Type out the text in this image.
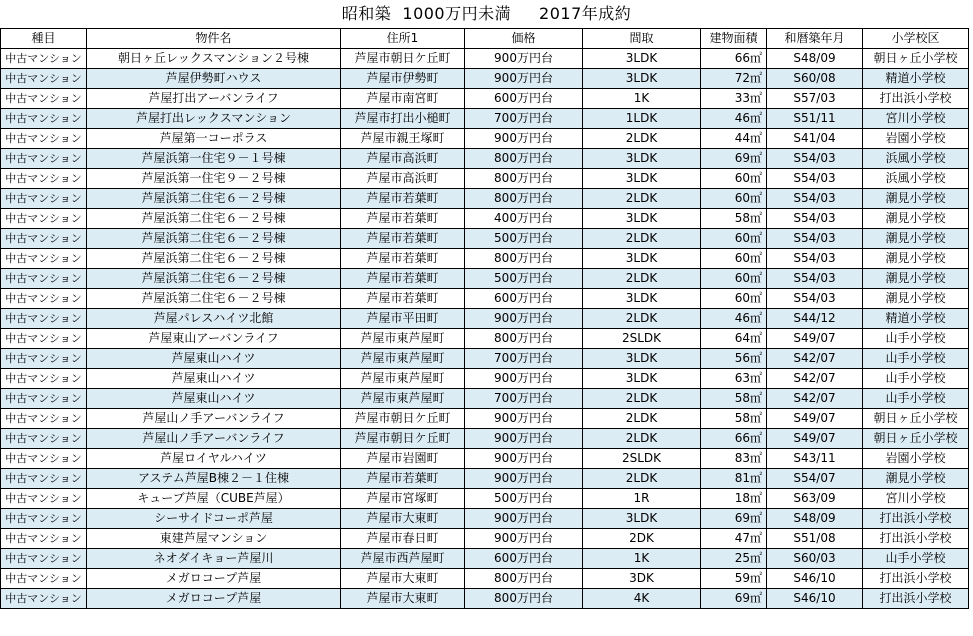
昭和築  1000万円未満     2017年成約
種目	物件名	住所1	価格	間取	建物面積	和暦築年月	小学校区
中古マンション	朝日ヶ丘レックスマンション２号棟	芦屋市朝日ケ丘町	900万円台	3LDK	66㎡	S48/09	朝日ヶ丘小学校
中古マンション	芦屋伊勢町ハウス	芦屋市伊勢町	900万円台	3LDK	72㎡	S60/08	精道小学校
中古マンション	芦屋打出アーバンライフ	芦屋市南宮町	600万円台	1K	33㎡	S57/03	打出浜小学校
中古マンション	芦屋打出レックスマンション	芦屋市打出小槌町	700万円台	1LDK	46㎡	S51/11	宮川小学校
中古マンション	芦屋第一コーポラス	芦屋市親王塚町	900万円台	2LDK	44㎡	S41/04	岩園小学校
中古マンション	芦屋浜第一住宅９－１号棟	芦屋市高浜町	800万円台	3LDK	69㎡	S54/03	浜風小学校
中古マンション	芦屋浜第一住宅９－２号棟	芦屋市高浜町	800万円台	3LDK	60㎡	S54/03	浜風小学校
中古マンション	芦屋浜第二住宅６－２号棟	芦屋市若葉町	800万円台	2LDK	60㎡	S54/03	潮見小学校
中古マンション	芦屋浜第二住宅６－２号棟	芦屋市若葉町	400万円台	3LDK	58㎡	S54/03	潮見小学校
中古マンション	芦屋浜第二住宅６－２号棟	芦屋市若葉町	500万円台	2LDK	60㎡	S54/03	潮見小学校
中古マンション	芦屋浜第二住宅６－２号棟	芦屋市若葉町	800万円台	3LDK	60㎡	S54/03	潮見小学校
中古マンション	芦屋浜第二住宅６－２号棟	芦屋市若葉町	500万円台	2LDK	60㎡	S54/03	潮見小学校
中古マンション	芦屋浜第二住宅６－２号棟	芦屋市若葉町	600万円台	3LDK	60㎡	S54/03	潮見小学校
中古マンション	芦屋パレスハイツ北館	芦屋市平田町	900万円台	2LDK	46㎡	S44/12	精道小学校
中古マンション	芦屋東山アーバンライフ	芦屋市東芦屋町	800万円台	2SLDK	64㎡	S49/07	山手小学校
中古マンション	芦屋東山ハイツ	芦屋市東芦屋町	700万円台	3LDK	56㎡	S42/07	山手小学校
中古マンション	芦屋東山ハイツ	芦屋市東芦屋町	900万円台	3LDK	63㎡	S42/07	山手小学校
中古マンション	芦屋東山ハイツ	芦屋市東芦屋町	700万円台	2LDK	58㎡	S42/07	山手小学校
中古マンション	芦屋山ノ手アーバンライフ	芦屋市朝日ケ丘町	900万円台	2LDK	58㎡	S49/07	朝日ヶ丘小学校
中古マンション	芦屋山ノ手アーバンライフ	芦屋市朝日ケ丘町	900万円台	2LDK	66㎡	S49/07	朝日ヶ丘小学校
中古マンション	芦屋ロイヤルハイツ	芦屋市岩園町	900万円台	2SLDK	83㎡	S43/11	岩園小学校
中古マンション	アステム芦屋B棟２－１住棟	芦屋市若葉町	900万円台	2LDK	81㎡	S54/07	潮見小学校
中古マンション	キューブ芦屋（CUBE芦屋）	芦屋市宮塚町	500万円台	1R	18㎡	S63/09	宮川小学校
中古マンション	シーサイドコーポ芦屋	芦屋市大東町	900万円台	3LDK	69㎡	S48/09	打出浜小学校
中古マンション	東建芦屋マンション	芦屋市春日町	900万円台	2DK	47㎡	S51/08	打出浜小学校
中古マンション	ネオダイキョー芦屋川	芦屋市西芦屋町	600万円台	1K	25㎡	S60/03	山手小学校
中古マンション	メガロコープ芦屋	芦屋市大東町	800万円台	3DK	59㎡	S46/10	打出浜小学校
中古マンション	メガロコープ芦屋	芦屋市大東町	800万円台	4K	69㎡	S46/10	打出浜小学校
